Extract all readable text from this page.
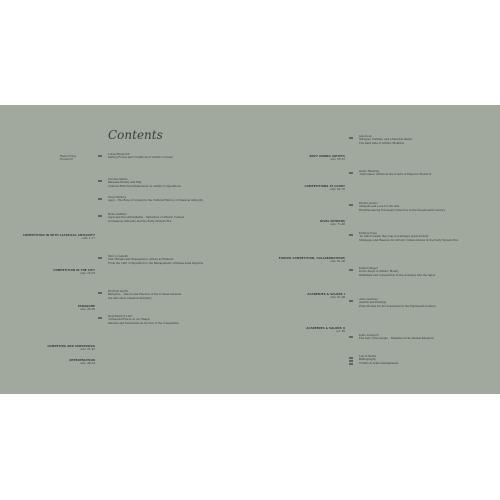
Contents
Ruben Fong
Foreword
Lukas Reichardt
Setting Forces and Conditions of Artistic Contest
Thomas Mathe
Between Rivalry and Play
Cultural-Historical Reflections on Artistic Competitions
Fiona Walters
Agon – The Role of Contest in the Cultural History of Classical Antiquity
Hana Günther
Agon and the Unfinishable – Variations of Artistic Contest
in Classical Antiquity and the Early Modern Era
Marco Castaldi
Civic Rituals and Renaissance: Artists as Winners
From the 1401 Competition to the Management of Piazza della Signoria
Wolfram Derlin
Paragone – Theory and Practice of the Contest between
the Arts since Classical Antiquity
Wolf-Dietrich Löhr
'A Peaceful Fierce in our Shape'
Sablons and Narcissists as Vectors of the Competitive
COMPETITION IN WITH CLASSICAL ANTIQUITY
cats. 1–17
COMPETITION IN THE CITY
cats. 18–25
PARAGONE
cats. 26–30
COMPETING AND SURPASSING
cats. 31–45
APPROPRIATION
cats. 46–54
Jens Koob
Antiques, Pistilles, and a Pastoral Island
The Dark Side of Artistic Rivalries
Guido Hessling
'Certovskoe' Artists at the Courts of Emperor Rudolf II
Fabian Jonietz
Antiques and Love for the Arts
Rivalries among European Collectors in the Seventeenth Century
Kirstine Fong
'by which means they may not attempt great models'
Strategies and Reasons for Artistic Collaborations in the Early Modern Era
Kristen Mayer
In the Steps of Artistic Rivalry
Hannibals and Competition in the Academy and the Salon
Anna Gosteles
Awards and Prestige
Prize Models for Art Academies in the Eighteenth Century
Katie Lunsford
The Law of the Jungle – Rivalries in the Animal Kingdom
List of Works
Bibliography
Credits & Acknowledgements
ENVY AMONG ARTISTS
cats. 55–61
COMPETITIONS AT COURT
cats. 62–70
RIVAL PATRONS
cats. 71–80
FORCED COMPETITION, COLLABORATIONS
cats. 81–90
ACADEMIES & SALONS I
cats. 91–98
ACADEMIES & SALONS II
cat. 99
